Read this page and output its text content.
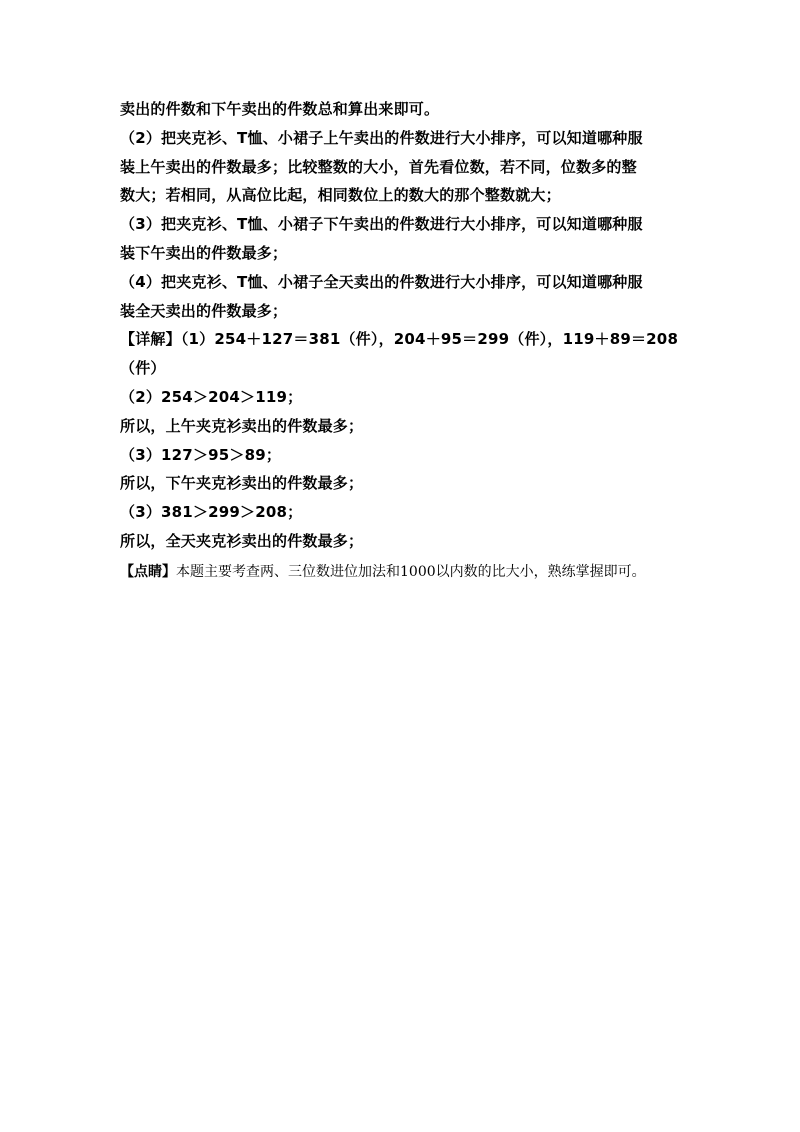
卖出的件数和下午卖出的件数总和算出来即可。
（2）把夹克衫、T恤、小裙子上午卖出的件数进行大小排序，可以知道哪种服
装上午卖出的件数最多；比较整数的大小，首先看位数，若不同，位数多的整
数大；若相同，从高位比起，相同数位上的数大的那个整数就大；
（3）把夹克衫、T恤、小裙子下午卖出的件数进行大小排序，可以知道哪种服
装下午卖出的件数最多；
（4）把夹克衫、T恤、小裙子全天卖出的件数进行大小排序，可以知道哪种服
装全天卖出的件数最多；
【详解】（1）254＋127＝381（件），204＋95＝299（件），119＋89＝208
（件）
（2）254＞204＞119；
所以，上午夹克衫卖出的件数最多；
（3）127＞95＞89；
所以，下午夹克衫卖出的件数最多；
（3）381＞299＞208；
所以，全天夹克衫卖出的件数最多；
【点睛】本题主要考查两、三位数进位加法和1000以内数的比大小，熟练掌握即可。
